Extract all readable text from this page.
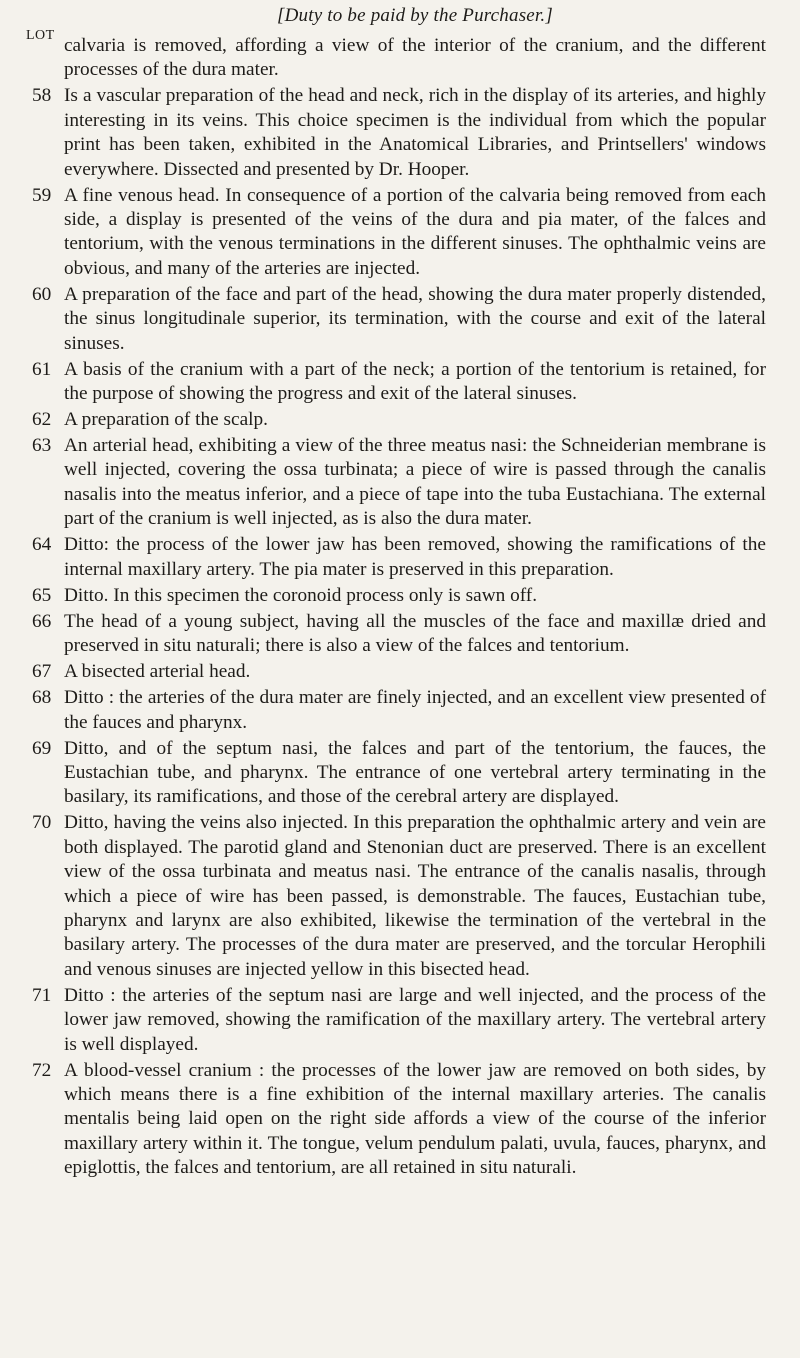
[Duty to be paid by the Purchaser.]
LOT calvaria is removed, affording a view of the interior of the cranium, and the different processes of the dura mater.

58 Is a vascular preparation of the head and neck, rich in the display of its arteries, and highly interesting in its veins. This choice specimen is the individual from which the popular print has been taken, exhibited in the Anatomical Libraries, and Printsellers' windows everywhere. Dissected and presented by Dr. Hooper.

59 A fine venous head. In consequence of a portion of the calvaria being removed from each side, a display is presented of the veins of the dura and pia mater, of the falces and tentorium, with the venous terminations in the different sinuses. The ophthalmic veins are obvious, and many of the arteries are injected.

60 A preparation of the face and part of the head, showing the dura mater properly distended, the sinus longitudinale superior, its termination, with the course and exit of the lateral sinuses.

61 A basis of the cranium with a part of the neck; a portion of the tentorium is retained, for the purpose of showing the progress and exit of the lateral sinuses.

62 A preparation of the scalp.

63 An arterial head, exhibiting a view of the three meatus nasi: the Schneiderian membrane is well injected, covering the ossa turbinata; a piece of wire is passed through the canalis nasalis into the meatus inferior, and a piece of tape into the tuba Eustachiana. The external part of the cranium is well injected, as is also the dura mater.

64 Ditto: the process of the lower jaw has been removed, showing the ramifications of the internal maxillary artery. The pia mater is preserved in this preparation.

65 Ditto. In this specimen the coronoid process only is sawn off.

66 The head of a young subject, having all the muscles of the face and maxillæ dried and preserved in situ naturali; there is also a view of the falces and tentorium.

67 A bisected arterial head.

68 Ditto : the arteries of the dura mater are finely injected, and an excellent view presented of the fauces and pharynx.

69 Ditto, and of the septum nasi, the falces and part of the tentorium, the fauces, the Eustachian tube, and pharynx. The entrance of one vertebral artery terminating in the basilary, its ramifications, and those of the cerebral artery are displayed.

70 Ditto, having the veins also injected. In this preparation the ophthalmic artery and vein are both displayed. The parotid gland and Stenonian duct are preserved. There is an excellent view of the ossa turbinata and meatus nasi. The entrance of the canalis nasalis, through which a piece of wire has been passed, is demonstrable. The fauces, Eustachian tube, pharynx and larynx are also exhibited, likewise the termination of the vertebral in the basilary artery. The processes of the dura mater are preserved, and the torcular Herophili and venous sinuses are injected yellow in this bisected head.

71 Ditto : the arteries of the septum nasi are large and well injected, and the process of the lower jaw removed, showing the ramification of the maxillary artery. The vertebral artery is well displayed.

72 A blood-vessel cranium : the processes of the lower jaw are removed on both sides, by which means there is a fine exhibition of the internal maxillary arteries. The canalis mentalis being laid open on the right side affords a view of the course of the inferior maxillary artery within it. The tongue, velum pendulum palati, uvula, fauces, pharynx, and epiglottis, the falces and tentorium, are all retained in situ naturali.
